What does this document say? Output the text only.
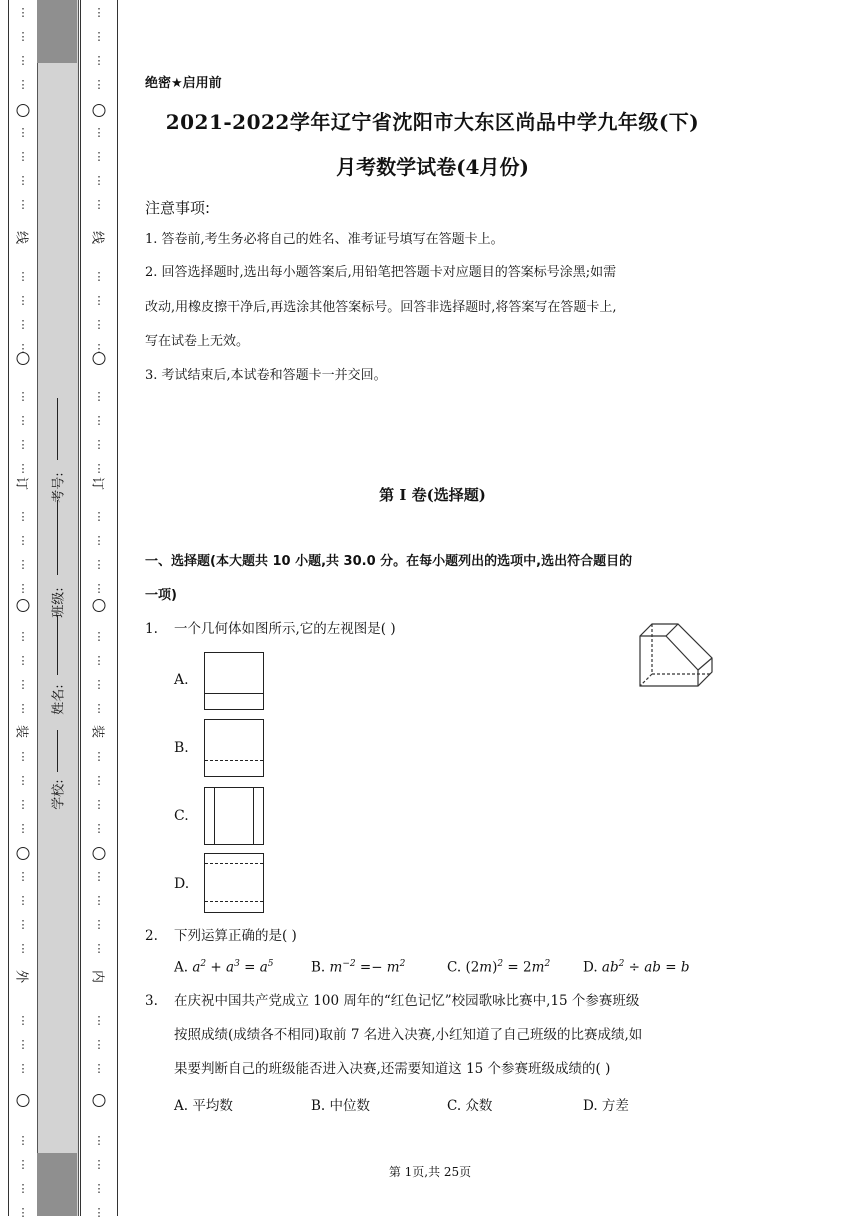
⋮
⋮
⋮
⋮
⋮
⋮
⋮
⋮
⋮
⋮
⋮
⋮
⋮
⋮
⋮
⋮
⋮
⋮
⋮
⋮
⋮
⋮
⋮
⋮
⋮
⋮
⋮
⋮
⋮
⋮
⋮
⋮
⋮
⋮
⋮
⋮
⋮
⋮
⋮
线
订
装
外
⋮
⋮
⋮
⋮
⋮
⋮
⋮
⋮
⋮
⋮
⋮
⋮
⋮
⋮
⋮
⋮
⋮
⋮
⋮
⋮
⋮
⋮
⋮
⋮
⋮
⋮
⋮
⋮
⋮
⋮
⋮
⋮
⋮
⋮
⋮
⋮
⋮
⋮
⋮
线
订
装
内
学校:
姓名:
班级:
考号:
绝密★启用前
2021-2022学年辽宁省沈阳市大东区尚品中学九年级(下)
月考数学试卷(4月份)
注意事项:
1. 答卷前,考生务必将自己的姓名、准考证号填写在答题卡上。
2. 回答选择题时,选出每小题答案后,用铅笔把答题卡对应题目的答案标号涂黑;如需
改动,用橡皮擦干净后,再选涂其他答案标号。回答非选择题时,将答案写在答题卡上,
写在试卷上无效。
3. 考试结束后,本试卷和答题卡一并交回。
第 I 卷(选择题)
一、选择题(本大题共 10 小题,共 30.0 分。在每小题列出的选项中,选出符合题目的
一项)
1. 一个几何体如图所示,它的左视图是( )
A.
B.
C.
D.
2. 下列运算正确的是( )
A. $a^2 + a^3 = a^5$	B. $m^{-2} =- m^2$	C. $(2m)^2 = 2m^2$ D. $ab^2$ ÷ ab = b
3. 在庆祝中国共产党成立 100 周年的“红色记忆”校园歌咏比赛中,15 个参赛班级
按照成绩(成绩各不相同)取前 7 名进入决赛,小红知道了自己班级的比赛成绩,如
果要判断自己的班级能否进入决赛,还需要知道这 15 个参赛班级成绩的( )
A. 平均数	B. 中位数	C. 众数	D. 方差
第 1页,共 25页
